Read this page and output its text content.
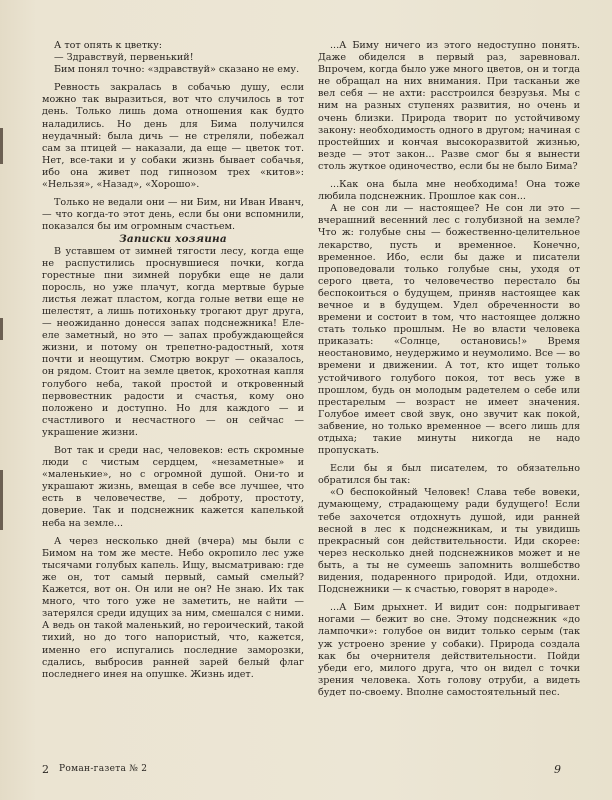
А тот опять к цветку:

— Здравствуй, первенький!

Бим понял точно: «здравствуй» сказано не ему.

Ревность закралась в собачью душу, если можно так выразиться, вот что случилось в тот день. Только лишь дома отношения как будто наладились. Но день для Бима получился неудачный: была дичь — не стреляли, побежал сам за птицей — наказали, да еще — цветок тот. Нет, все-таки и у собаки жизнь бывает собачья, ибо она живет под гипнозом трех «китов»: «Нельзя», «Назад», «Хорошо».

Только не ведали они — ни Бим, ни Иван Иванч, — что когда-то этот день, если бы они вспомнили, показался бы им огромным счастьем.

Записки хозяина

В уставшем от зимней тягости лесу, когда еще не распустились проснувшиеся почки, когда горестные пни зимней порубки еще не дали поросль, но уже плачут, когда мертвые бурые листья лежат пластом, когда голые ветви еще не шелестят, а лишь потихоньку трогают друг друга, — неожиданно донесся запах подснежника! Еле-еле заметный, но это — запах пробуждающейся жизни, и потому он трепетно-радостный, хотя почти и неощутим. Смотрю вокруг — оказалось, он рядом. Стоит на земле цветок, крохотная капля голубого неба, такой простой и откровенный первовестник радости и счастья, кому оно положено и доступно. Но для каждого — и счастливого и несчастного — он сейчас — украшение жизни.

Вот так и среди нас, человеков: есть скромные люди с чистым сердцем, «незаметные» и «маленькие», но с огромной душой. Они-то и украшают жизнь, вмещая в себе все лучшее, что есть в человечестве, — доброту, простоту, доверие. Так и подснежник кажется капелькой неба на земле...

А через несколько дней (вчера) мы были с Бимом на том же месте. Небо окропило лес уже тысячами голубых капель. Ищу, высматриваю: где же он, тот самый первый, самый смелый? Кажется, вот он. Он или не он? Не знаю. Их так много, что того уже не заметить, не найти — затерялся среди идущих за ним, смешался с ними. А ведь он такой маленький, но героический, такой тихий, но до того напористый, что, кажется, именно его испугались последние заморозки, сдались, выбросив ранней зарей белый флаг последнего инея на опушке. Жизнь идет.

...А Биму ничего из этого недоступно понять. Даже обиделся в первый раз, заревновал. Впрочем, когда было уже много цветов, он и тогда не обращал на них внимания. При тасканьи же вел себя — не ахти: расстроился безрузья. Мы с ним на разных ступенях развития, но очень и очень близки. Природа творит по устойчивому закону: необходимость одного в другом; начиная с простейших и кончая высокоразвитой жизнью, везде — этот закон... Разве смог бы я вынести столь жуткое одиночество, если бы не было Бима?

...Как она была мне необходима! Она тоже любила подснежник. Прошлое как сон...

А не сон ли — настоящее? Не сон ли это — вчерашний весенний лес с голубизной на земле? Что ж: голубые сны — божественно-целительное лекарство, пусть и временное. Конечно, временное. Ибо, если бы даже и писатели проповедовали только голубые сны, уходя от серого цвета, то человечество перестало бы беспокоиться о будущем, приняв настоящее как вечное и в будущем. Удел обреченности во времени и состоит в том, что настоящее должно стать только прошлым. Не во власти человека приказать: «Солнце, остановись!» Время неостановимо, неудержимо и неумолимо. Все — во времени и движении. А тот, кто ищет только устойчивого голубого покоя, тот весь уже в прошлом, будь он молодым радетелем о себе или престарелым — возраст не имеет значения. Голубое имеет свой звук, оно звучит как покой, забвение, но только временное — всего лишь для отдыха; такие минуты никогда не надо пропускать.

Если бы я был писателем, то обязательно обратился бы так:

«О беспокойный Человек! Слава тебе вовеки, думающему, страдающему ради будущего! Если тебе захочется отдохнуть душой, иди ранней весной в лес к подснежникам, и ты увидишь прекрасный сон действительности. Иди скорее: через несколько дней подснежников может и не быть, а ты не сумеешь запомнить волшебство видения, подаренного природой. Иди, отдохни. Подснежники — к счастью, говорят в народе».

...А Бим дрыхнет. И видит сон: подрыгивает ногами — бежит во сне. Этому подснежник «до лампочки»: голубое он видит только серым (так уж устроено зрение у собаки). Природа создала как бы очернителя действительности. Пойди убеди его, милого друга, что он видел с точки зрения человека. Хоть голову отруби, а видеть будет по-своему. Вполне самостоятельный пес.

2 Роман-газета № 2	9
